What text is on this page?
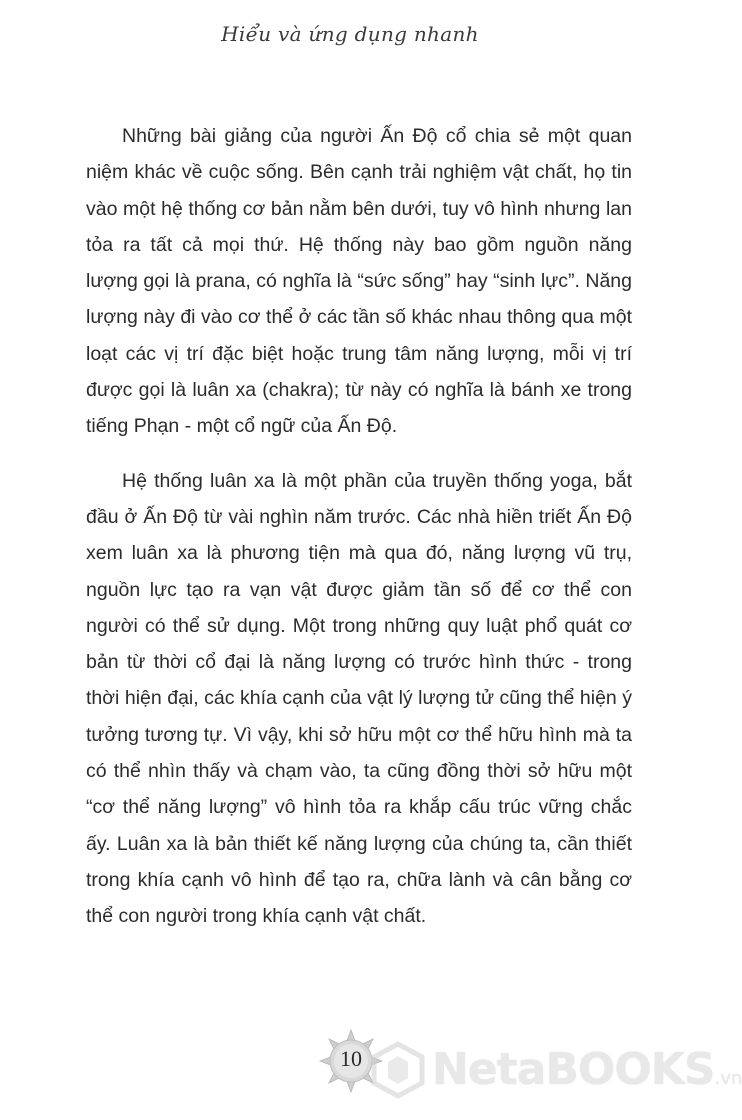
Hiểu và ứng dụng nhanh

Những bài giảng của người Ấn Độ cổ chia sẻ một quan niệm khác về cuộc sống. Bên cạnh trải nghiệm vật chất, họ tin vào một hệ thống cơ bản nằm bên dưới, tuy vô hình nhưng lan tỏa ra tất cả mọi thứ. Hệ thống này bao gồm nguồn năng lượng gọi là prana, có nghĩa là “sức sống” hay “sinh lực”. Năng lượng này đi vào cơ thể ở các tần số khác nhau thông qua một loạt các vị trí đặc biệt hoặc trung tâm năng lượng, mỗi vị trí được gọi là luân xa (chakra); từ này có nghĩa là bánh xe trong tiếng Phạn - một cổ ngữ của Ấn Độ.

Hệ thống luân xa là một phần của truyền thống yoga, bắt đầu ở Ấn Độ từ vài nghìn năm trước. Các nhà hiền triết Ấn Độ xem luân xa là phương tiện mà qua đó, năng lượng vũ trụ, nguồn lực tạo ra vạn vật được giảm tần số để cơ thể con người có thể sử dụng. Một trong những quy luật phổ quát cơ bản từ thời cổ đại là năng lượng có trước hình thức - trong thời hiện đại, các khía cạnh của vật lý lượng tử cũng thể hiện ý tưởng tương tự. Vì vậy, khi sở hữu một cơ thể hữu hình mà ta có thể nhìn thấy và chạm vào, ta cũng đồng thời sở hữu một “cơ thể năng lượng” vô hình tỏa ra khắp cấu trúc vững chắc ấy. Luân xa là bản thiết kế năng lượng của chúng ta, cần thiết trong khía cạnh vô hình để tạo ra, chữa lành và cân bằng cơ thể con người trong khía cạnh vật chất.

10	NetaBOOKS.vn
